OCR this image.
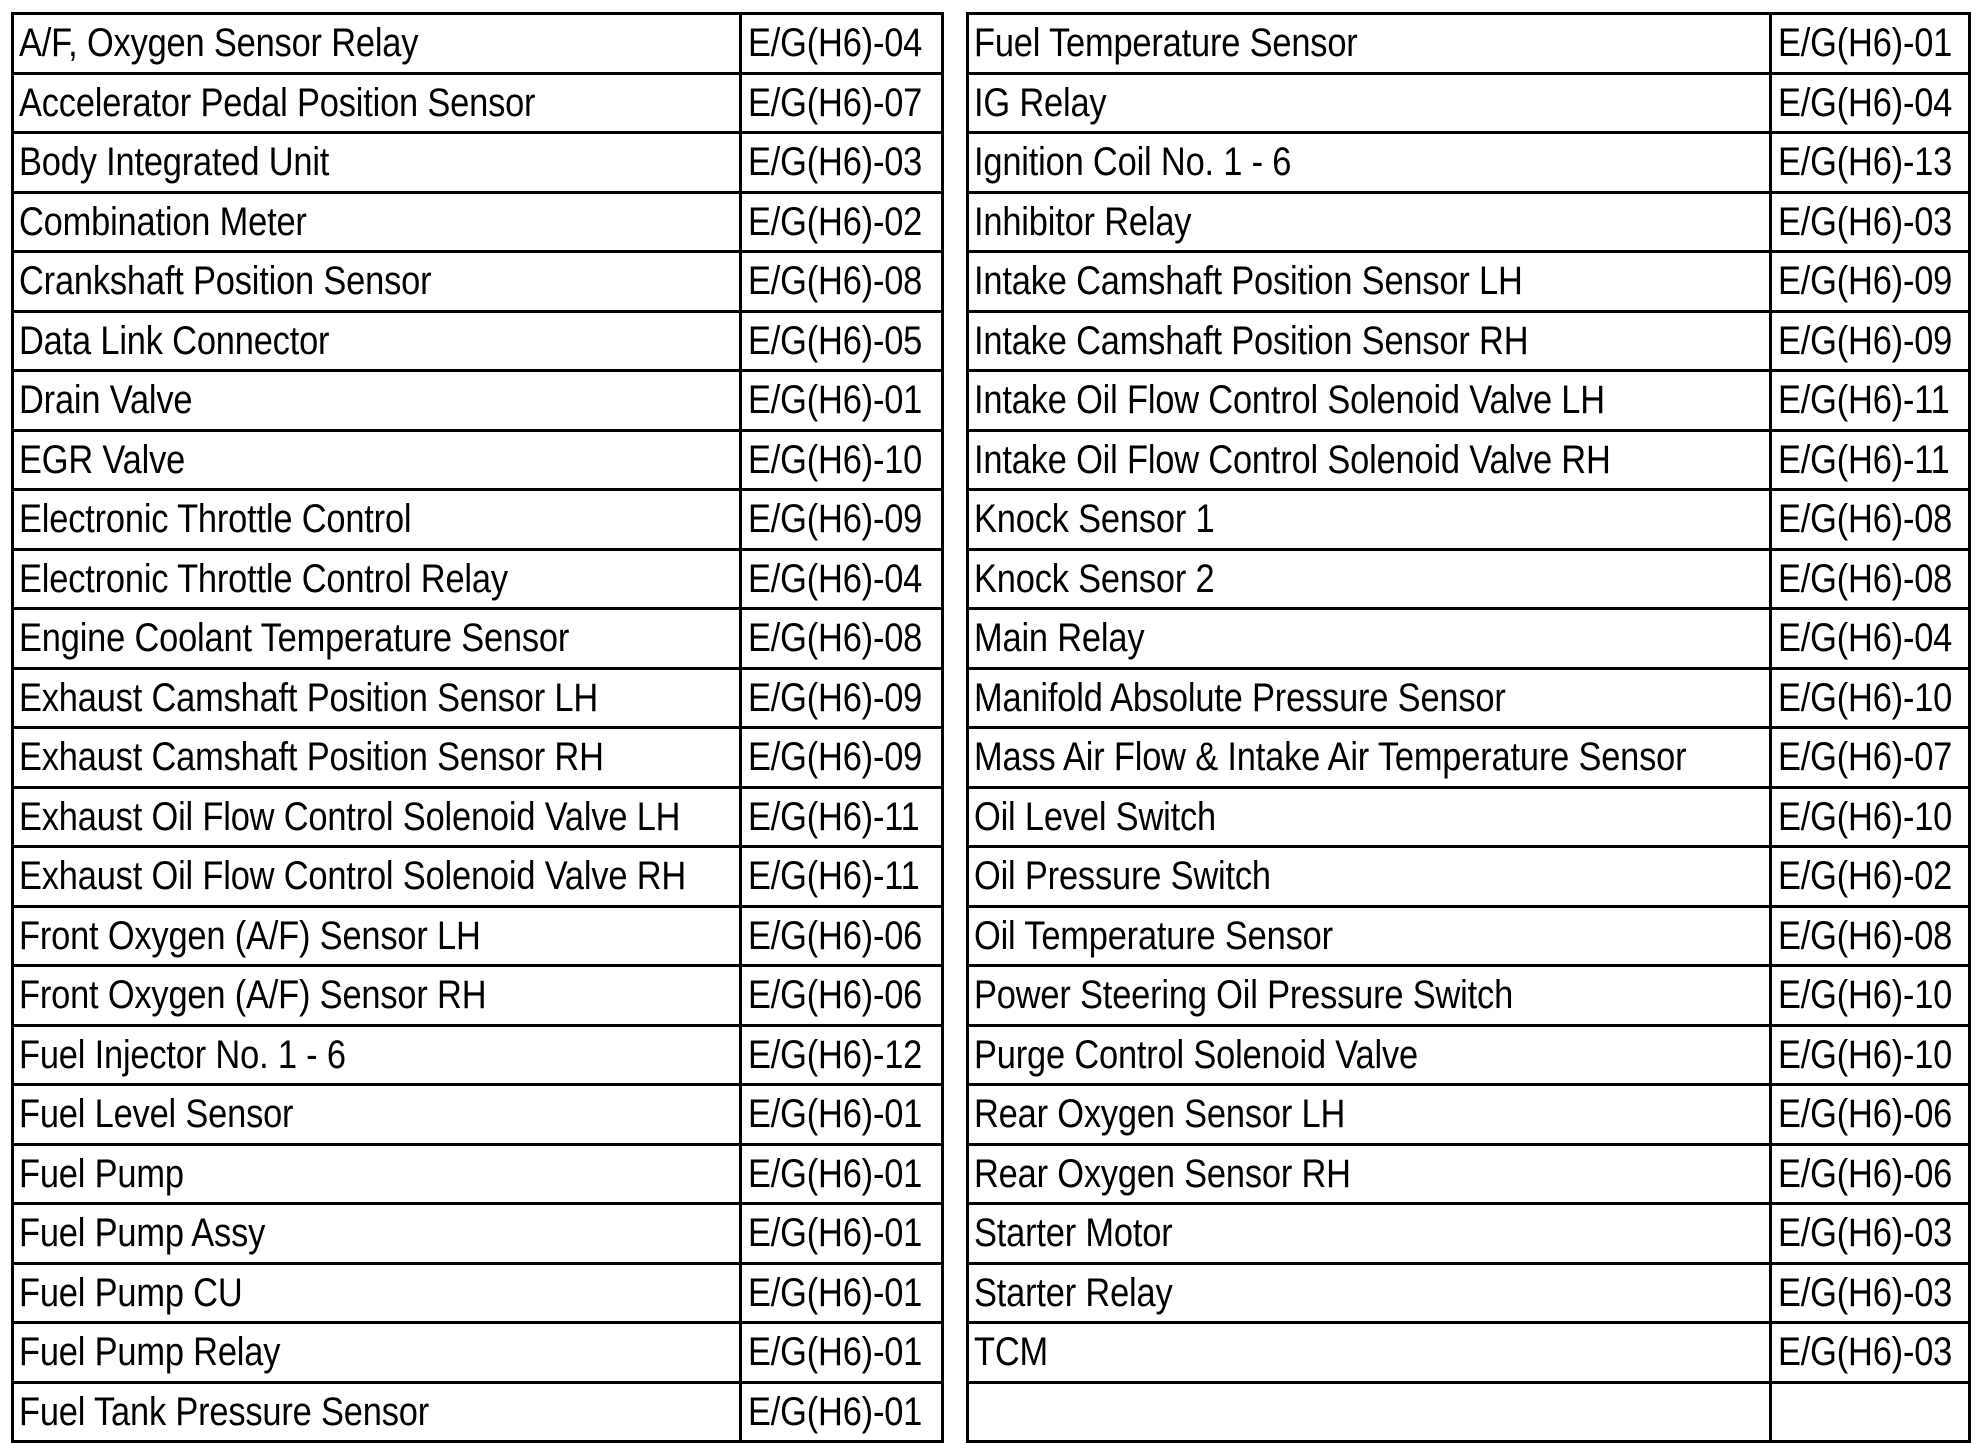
A/F, Oxygen Sensor Relay	E/G(H6)-04
Accelerator Pedal Position Sensor	E/G(H6)-07
Body Integrated Unit	E/G(H6)-03
Combination Meter	E/G(H6)-02
Crankshaft Position Sensor	E/G(H6)-08
Data Link Connector	E/G(H6)-05
Drain Valve	E/G(H6)-01
EGR Valve	E/G(H6)-10
Electronic Throttle Control	E/G(H6)-09
Electronic Throttle Control Relay	E/G(H6)-04
Engine Coolant Temperature Sensor	E/G(H6)-08
Exhaust Camshaft Position Sensor LH	E/G(H6)-09
Exhaust Camshaft Position Sensor RH	E/G(H6)-09
Exhaust Oil Flow Control Solenoid Valve LH	E/G(H6)-11
Exhaust Oil Flow Control Solenoid Valve RH	E/G(H6)-11
Front Oxygen (A/F) Sensor LH	E/G(H6)-06
Front Oxygen (A/F) Sensor RH	E/G(H6)-06
Fuel Injector No. 1 - 6	E/G(H6)-12
Fuel Level Sensor	E/G(H6)-01
Fuel Pump	E/G(H6)-01
Fuel Pump Assy	E/G(H6)-01
Fuel Pump CU	E/G(H6)-01
Fuel Pump Relay	E/G(H6)-01
Fuel Tank Pressure Sensor	E/G(H6)-01
Fuel Temperature Sensor	E/G(H6)-01
IG Relay	E/G(H6)-04
Ignition Coil No. 1 - 6	E/G(H6)-13
Inhibitor Relay	E/G(H6)-03
Intake Camshaft Position Sensor LH	E/G(H6)-09
Intake Camshaft Position Sensor RH	E/G(H6)-09
Intake Oil Flow Control Solenoid Valve LH	E/G(H6)-11
Intake Oil Flow Control Solenoid Valve RH	E/G(H6)-11
Knock Sensor 1	E/G(H6)-08
Knock Sensor 2	E/G(H6)-08
Main Relay	E/G(H6)-04
Manifold Absolute Pressure Sensor	E/G(H6)-10
Mass Air Flow & Intake Air Temperature Sensor	E/G(H6)-07
Oil Level Switch	E/G(H6)-10
Oil Pressure Switch	E/G(H6)-02
Oil Temperature Sensor	E/G(H6)-08
Power Steering Oil Pressure Switch	E/G(H6)-10
Purge Control Solenoid Valve	E/G(H6)-10
Rear Oxygen Sensor LH	E/G(H6)-06
Rear Oxygen Sensor RH	E/G(H6)-06
Starter Motor	E/G(H6)-03
Starter Relay	E/G(H6)-03
TCM	E/G(H6)-03
